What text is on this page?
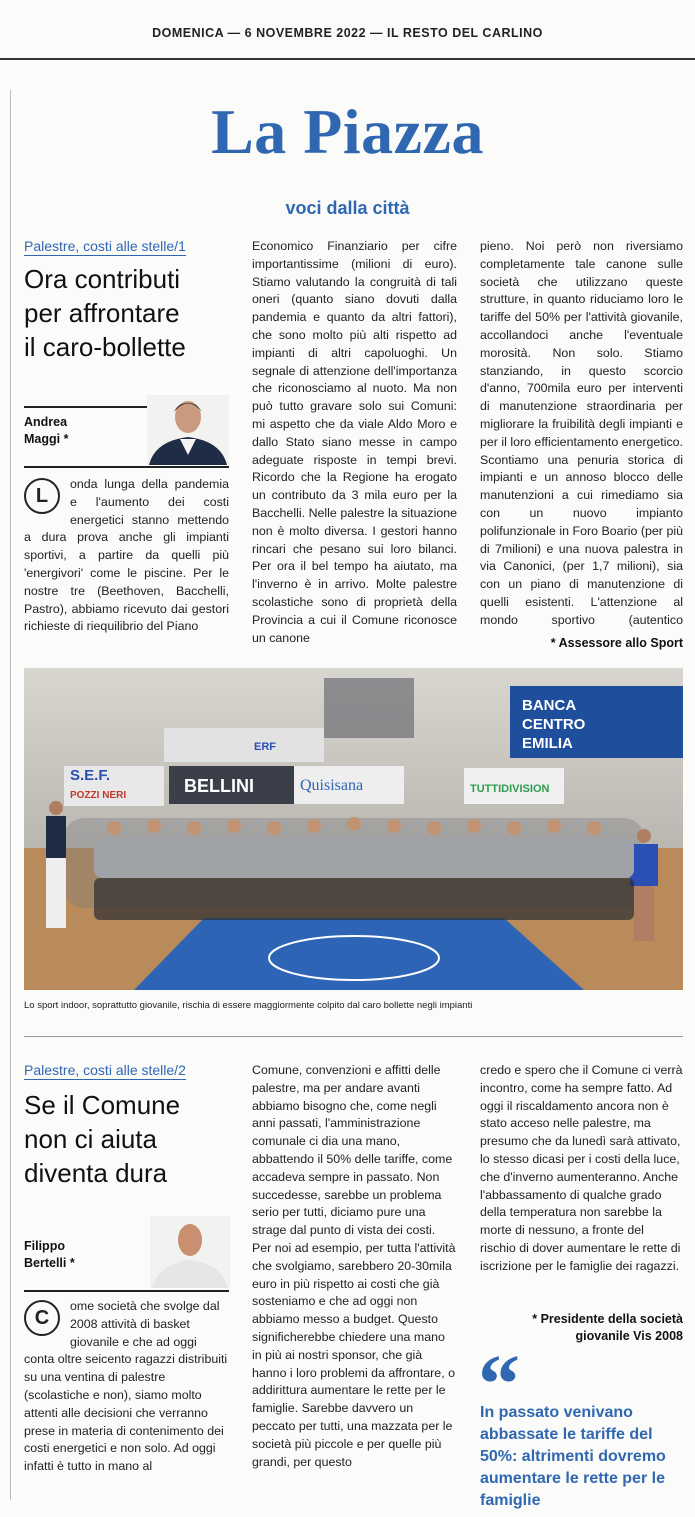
DOMENICA — 6 NOVEMBRE 2022 — IL RESTO DEL CARLINO
La Piazza
voci dalla città
Palestre, costi alle stelle/1
Ora contributi
per affrontare
il caro-bollette
Andrea
Maggi *
L
onda lunga della pandemia e l'aumento dei costi energetici stanno mettendo a dura prova anche gli impianti sportivi, a partire da quelli più 'energivori' come le piscine. Per le nostre tre (Beethoven, Bacchelli, Pastro), abbiamo ricevuto dai gestori richieste di riequilibrio del Piano
Economico Finanziario per cifre importantissime (milioni di euro). Stiamo valutando la congruità di tali oneri (quanto siano dovuti dalla pandemia e quanto da altri fattori), che sono molto più alti rispetto ad impianti di altri capoluoghi. Un segnale di attenzione dell'importanza che riconosciamo al nuoto. Ma non può tutto gravare solo sui Comuni: mi aspetto che da viale Aldo Moro e dallo Stato siano messe in campo adeguate risposte in tempi brevi. Ricordo che la Regione ha erogato un contributo da 3 mila euro per la Bacchelli. Nelle palestre la situazione non è molto diversa. I gestori hanno rincari che pesano sui loro bilanci. Per ora il bel tempo ha aiutato, ma l'inverno è in arrivo. Molte palestre scolastiche sono di proprietà della Provincia a cui il Comune riconosce un canone
pieno. Noi però non riversiamo completamente tale canone sulle società che utilizzano queste strutture, in quanto riduciamo loro le tariffe del 50% per l'attività giovanile, accollandoci anche l'eventuale morosità. Non solo. Stiamo stanziando, in questo scorcio d'anno, 700mila euro per interventi di manutenzione straordinaria per migliorare la fruibilità degli impianti e per il loro efficientamento energetico. Scontiamo una penuria storica di impianti e un annoso blocco delle manutenzioni a cui rimediamo sia con un nuovo impianto polifunzionale in Foro Boario (per più di 7milioni) e una nuova palestra in via Canonici, (per 1,7 milioni), sia con un piano di manutenzione di quelli esistenti. L'attenzione al mondo sportivo (autentico
* Assessore allo Sport
BANCA
CENTRO
EMILIA
S.E.F.
POZZI NERI	BELLINI	Quisisana	TUTTIDIVISION
ERF
Lo sport indoor, soprattutto giovanile, rischia di essere maggiormente colpito dal caro bollette negli impianti
Palestre, costi alle stelle/2
Se il Comune
non ci aiuta
diventa dura
Filippo
Bertelli *
C
ome società che svolge dal 2008 attività di basket giovanile e che ad oggi conta oltre seicento ragazzi distribuiti su una ventina di palestre (scolastiche e non), siamo molto attenti alle decisioni che verranno prese in materia di contenimento dei costi energetici e non solo. Ad oggi infatti è tutto in mano al
Comune, convenzioni e affitti delle palestre, ma per andare avanti abbiamo bisogno che, come negli anni passati, l'amministrazione comunale ci dia una mano, abbattendo il 50% delle tariffe, come accadeva sempre in passato. Non succedesse, sarebbe un problema serio per tutti, diciamo pure una strage dal punto di vista dei costi. Per noi ad esempio, per tutta l'attività che svolgiamo, sarebbero 20-30mila euro in più rispetto ai costi che già sosteniamo e che ad oggi non abbiamo messo a budget. Questo significherebbe chiedere una mano in più ai nostri sponsor, che già hanno i loro problemi da affrontare, o addirittura aumentare le rette per le famiglie. Sarebbe davvero un peccato per tutti, una mazzata per le società più piccole e per quelle più grandi, per questo
credo e spero che il Comune ci verrà incontro, come ha sempre fatto. Ad oggi il riscaldamento ancora non è stato acceso nelle palestre, ma presumo che da lunedì sarà attivato, lo stesso dicasi per i costi della luce, che d'inverno aumenteranno. Anche l'abbassamento di qualche grado della temperatura non sarebbe la morte di nessuno, a fronte del rischio di dover aumentare le rette di iscrizione per le famiglie dei ragazzi.
* Presidente della società
giovanile Vis 2008
“
In passato venivano abbassate le tariffe del 50%: altrimenti dovremo aumentare le rette per le famiglie
